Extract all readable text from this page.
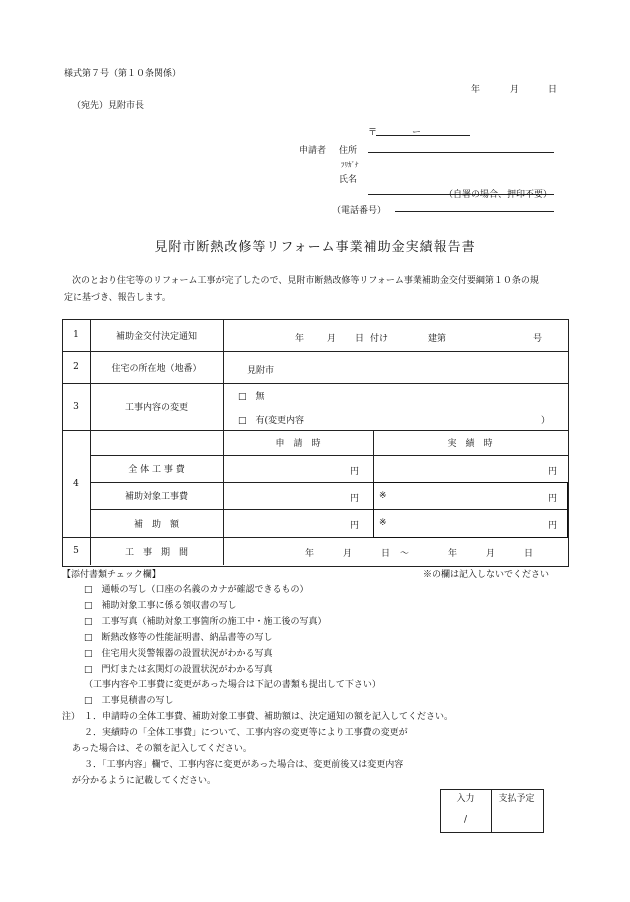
様式第７号（第１０条関係）
年	月	日
（宛先）見附市長
〒	ー
申請者 住所
ﾌﾘｶﾞﾅ
氏名
（自署の場合、押印不要）
（電話番号）
見附市断熱改修等リフォーム事業補助金実績報告書
次のとおり住宅等のリフォーム工事が完了したので、見附市断熱改修等リフォーム事業補助金交付要綱第１０条の規
定に基づき、報告します。
1	補助金交付決定通知	年	月 日 付け	建第	号
2	住宅の所在地（地番）	見附市
3	工事内容の変更
□　無
□　有(変更内容	）
4
申　請　時	実　績　時
全 体 工 事 費	円	円
補助対象工事費	円 ※	円
補　助　額	円 ※	円
5	工　事　期　間	年	月	日 ～	年	月	日
【添付書類チェック欄】	※の欄は記入しないでください
□　通帳の写し（口座の名義のカナが確認できるもの）
□　補助対象工事に係る領収書の写し
□　工事写真（補助対象工事箇所の施工中・施工後の写真）
□　断熱改修等の性能証明書、納品書等の写し
□　住宅用火災警報器の設置状況がわかる写真
□　門灯または玄関灯の設置状況がわかる写真
（工事内容や工事費に変更があった場合は下記の書類も提出して下さい）
□　工事見積書の写し
注） １．申請時の全体工事費、補助対象工事費、補助額は、決定通知の額を記入してください。
２．実績時の「全体工事費」について、工事内容の変更等により工事費の変更が
あった場合は、その額を記入してください。
３．「工事内容」欄で、工事内容に変更があった場合は、変更前後又は変更内容
が分かるように記載してください。
入力	支払予定
/
